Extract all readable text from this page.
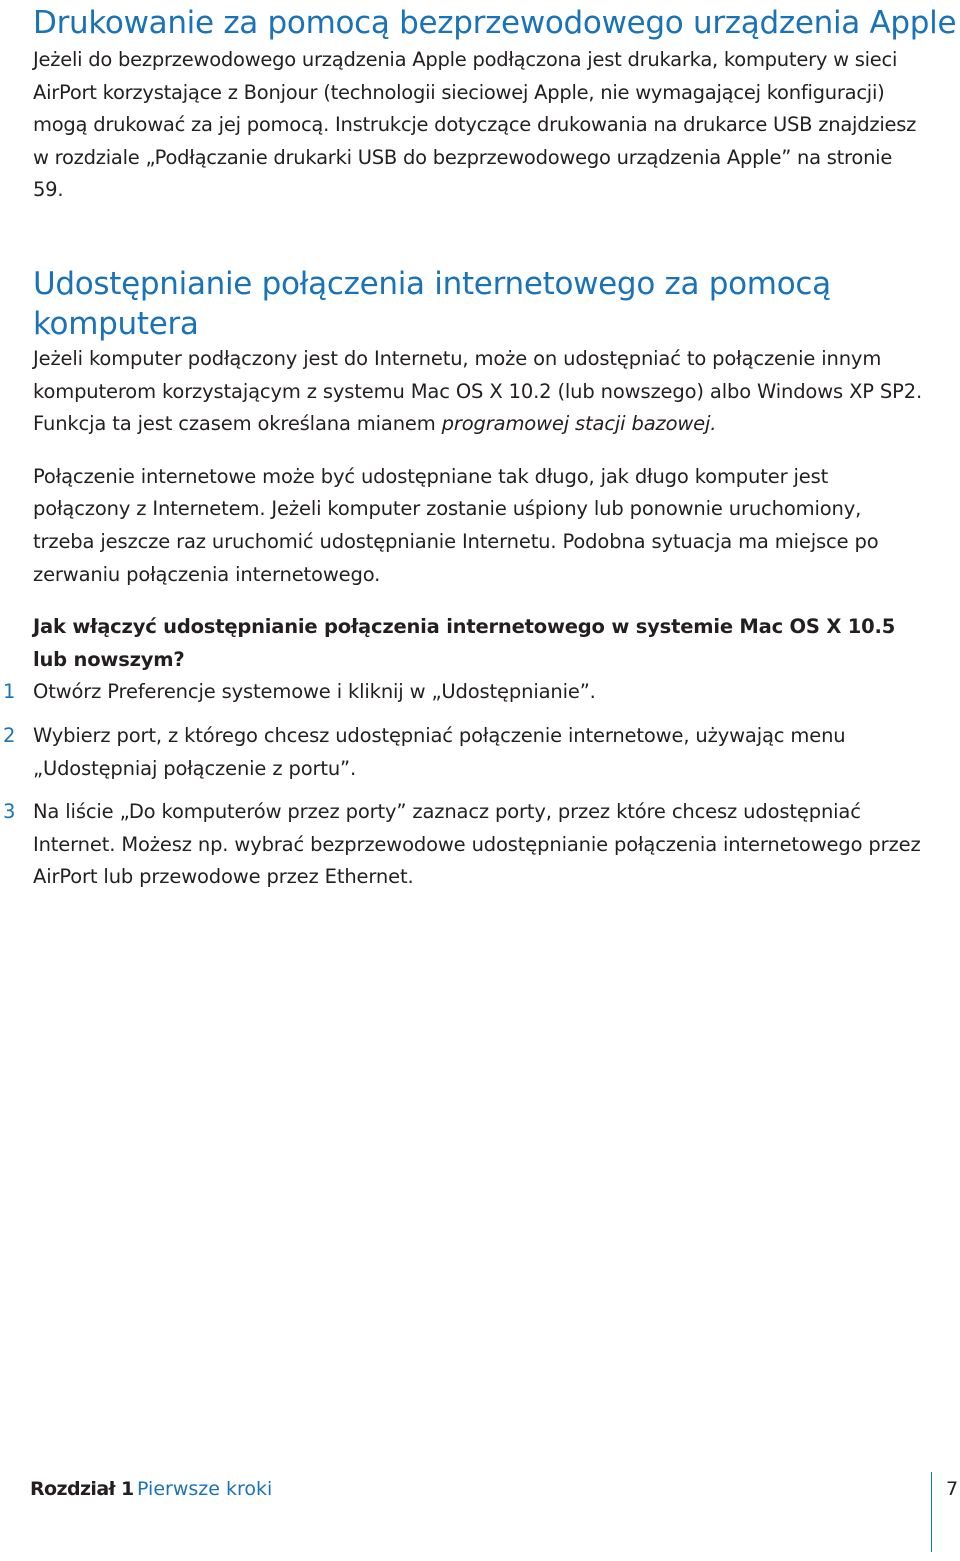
Drukowanie za pomocą bezprzewodowego urządzenia Apple

Jeżeli do bezprzewodowego urządzenia Apple podłączona jest drukarka, komputery w sieci AirPort korzystające z Bonjour (technologii sieciowej Apple, nie wymagającej konfiguracji) mogą drukować za jej pomocą. Instrukcje dotyczące drukowania na drukarce USB znajdziesz w rozdziale „Podłączanie drukarki USB do bezprzewodowego urządzenia Apple” na stronie 59.

Udostępnianie połączenia internetowego za pomocą komputera

Jeżeli komputer podłączony jest do Internetu, może on udostępniać to połączenie innym komputerom korzystającym z systemu Mac OS X 10.2 (lub nowszego) albo Windows XP SP2. Funkcja ta jest czasem określana mianem programowej stacji bazowej.

Połączenie internetowe może być udostępniane tak długo, jak długo komputer jest połączony z Internetem. Jeżeli komputer zostanie uśpiony lub ponownie uruchomiony, trzeba jeszcze raz uruchomić udostępnianie Internetu. Podobna sytuacja ma miejsce po zerwaniu połączenia internetowego.

Jak włączyć udostępnianie połączenia internetowego w systemie Mac OS X 10.5 lub nowszym?
1 Otwórz Preferencje systemowe i kliknij w „Udostępnianie”.

2 Wybierz port, z którego chcesz udostępniać połączenie internetowe, używając menu „Udostępniaj połączenie z portu”.

3 Na liście „Do komputerów przez porty” zaznacz porty, przez które chcesz udostępniać Internet. Możesz np. wybrać bezprzewodowe udostępnianie połączenia internetowego przez AirPort lub przewodowe przez Ethernet.

Rozdział 1 Pierwsze kroki	7
